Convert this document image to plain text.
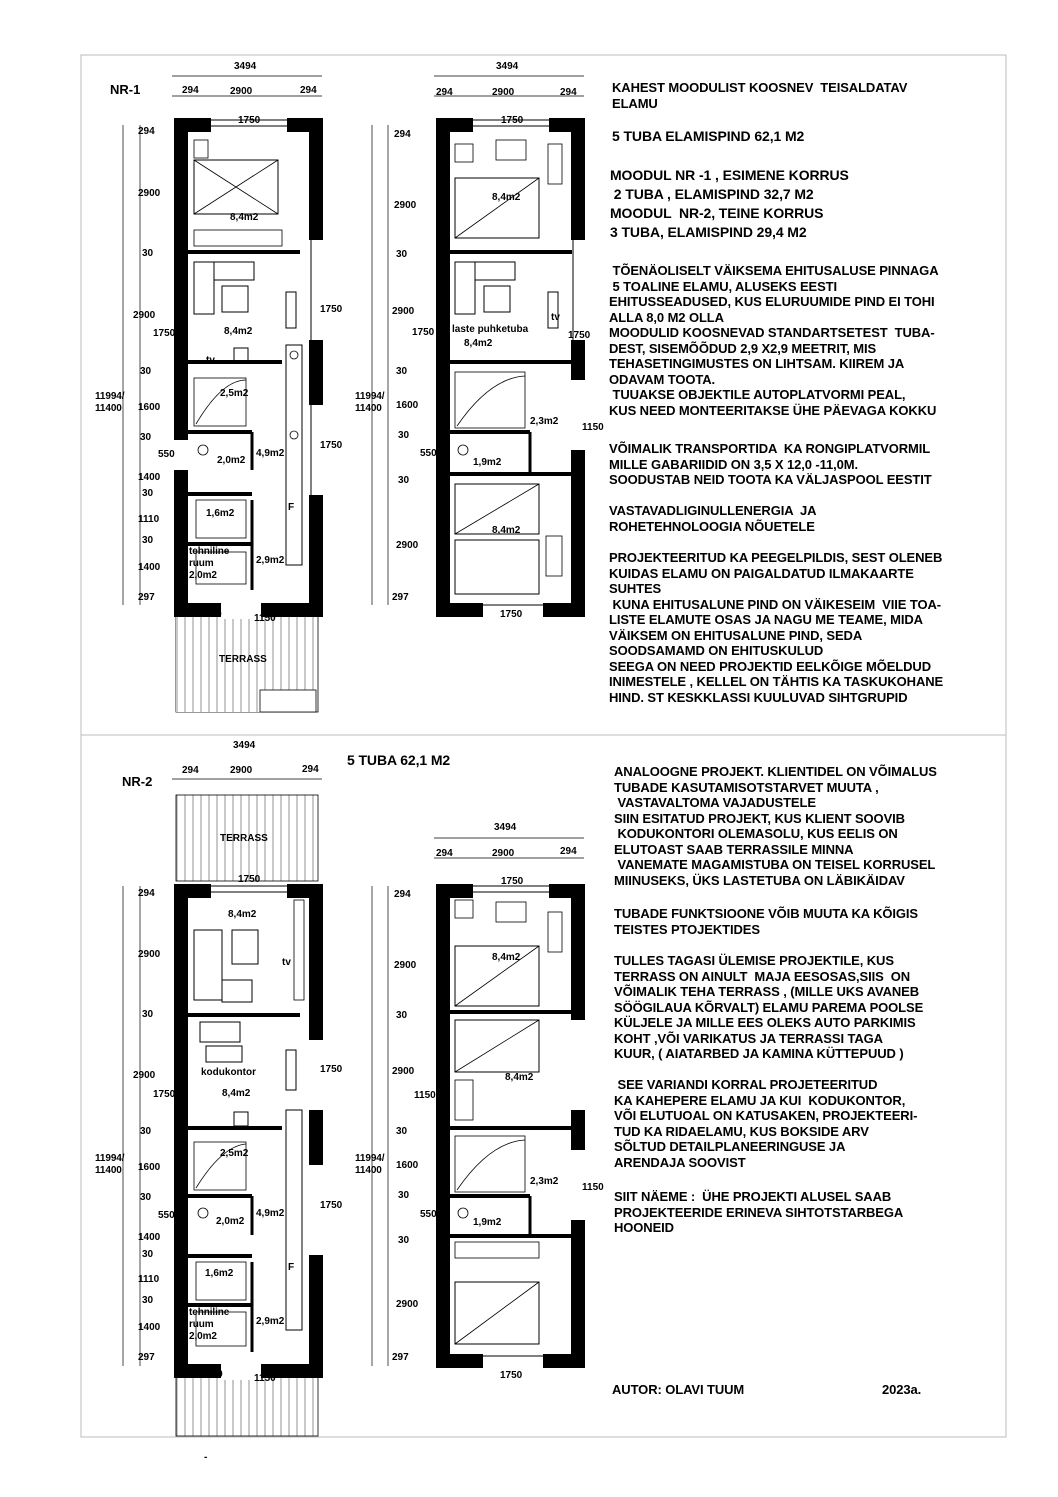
NR-1
3494
294	2900	294
3494
294	2900	294
1750	1750
294
2900
30
2900
1750
30
1600
30
550
1400
30
1110
30
1400
297
1750
1750
8,4m2
8,4m2
2,5m2
2,0m2
4,9m2
1,6m2
2,9m2
tv
F
550	1150
TERRASS
294
2900
30
2900
1750
30
1600
30
550
30
2900
297
1750
1150
8,4m2
laste puhketuba
8,4m2
2,3m2
1,9m2
8,4m2
tv
1750
NR-2
3494
294	2900	294
3494
294	2900	294
1750	1750
TERRASS
294
2900
30
2900
1750
30
1600
30
550
1400
30
1110
30
1400
297
1750
1750
8,4m2
kodukontor
8,4m2
2,5m2
2,0m2
4,9m2
1,6m2
2,9m2
tv
F
550	1150
294
2900
30
2900
1150
30
1600
30
550
30
2900
297
1150
8,4m2
8,4m2
2,3m2
1,9m2
1750
11994/
11400
11994/
11400
tehniline
ruum
2,0m2
11994/
11400
11994/
11400
tehniline
ruum
2,0m2
KAHEST MOODULIST KOOSNEV  TEISALDATAV
ELAMU
5 TUBA ELAMISPIND 62,1 M2
MOODUL NR -1 , ESIMENE KORRUS
2 TUBA , ELAMISPIND 32,7 M2
MOODUL  NR-2, TEINE KORRUS
3 TUBA, ELAMISPIND 29,4 M2
TÕENÄOLISELT VÄIKSEMA EHITUSALUSE PINNAGA
5 TOALINE ELAMU, ALUSEKS EESTI
EHITUSSEADUSED, KUS ELURUUMIDE PIND EI TOHI
ALLA 8,0 M2 OLLA
MOODULID KOOSNEVAD STANDARTSETEST  TUBA-
DEST, SISEMÕÕDUD 2,9 X2,9 MEETRIT, MIS
TEHASETINGIMUSTES ON LIHTSAM. KIIREM JA
ODAVAM TOOTA.
TUUAKSE OBJEKTILE AUTOPLATVORMI PEAL,
KUS NEED MONTEERITAKSE ÜHE PÄEVAGA KOKKU
VÕIMALIK TRANSPORTIDA  KA RONGIPLATVORMIL
MILLE GABARIIDID ON 3,5 X 12,0 -11,0M.
SOODUSTAB NEID TOOTA KA VÄLJASPOOL EESTIT
VASTAVADLIGINULLENERGIA  JA
ROHETEHNOLOOGIA NÕUETELE
PROJEKTEERITUD KA PEEGELPILDIS, SEST OLENEB
KUIDAS ELAMU ON PAIGALDATUD ILMAKAARTE
SUHTES
KUNA EHITUSALUNE PIND ON VÄIKESEIM  VIIE TOA-
LISTE ELAMUTE OSAS JA NAGU ME TEAME, MIDA
VÄIKSEM ON EHITUSALUNE PIND, SEDA
SOODSAMAMD ON EHITUSKULUD
SEEGA ON NEED PROJEKTID EELKÕIGE MÕELDUD
INIMESTELE , KELLEL ON TÄHTIS KA TASKUKOHANE
HIND. ST KESKKLASSI KUULUVAD SIHTGRUPID
5 TUBA 62,1 M2
ANALOOGNE PROJEKT. KLIENTIDEL ON VÕIMALUS
TUBADE KASUTAMISOTSTARVET MUUTA ,
VASTAVALTOMA VAJADUSTELE
SIIN ESITATUD PROJEKT, KUS KLIENT SOOVIB
KODUKONTORI OLEMASOLU, KUS EELIS ON
ELUTOAST SAAB TERRASSILE MINNA
VANEMATE MAGAMISTUBA ON TEISEL KORRUSEL
MIINUSEKS, ÜKS LASTETUBA ON LÄBIKÄIDAV
TUBADE FUNKTSIOONE VÕIB MUUTA KA KÕIGIS
TEISTES PTOJEKTIDES
TULLES TAGASI ÜLEMISE PROJEKTILE, KUS
TERRASS ON AINULT  MAJA EESOSAS,SIIS  ON
VÕIMALIK TEHA TERRASS , (MILLE UKS AVANEB
SÖÖGILAUA KÕRVALT) ELAMU PAREMA POOLSE
KÜLJELE JA MILLE EES OLEKS AUTO PARKIMIS
KOHT ,VÕI VARIKATUS JA TERRASSI TAGA
KUUR, ( AIATARBED JA KAMINA KÜTTEPUUD )
SEE VARIANDI KORRAL PROJETEERITUD
KA KAHEPERE ELAMU JA KUI  KODUKONTOR,
VÕI ELUTUOAL ON KATUSAKEN, PROJEKTEERI-
TUD KA RIDAELAMU, KUS BOKSIDE ARV
SÕLTUD DETAILPLANEERINGUSE JA
ARENDAJA SOOVIST
SIIT NÄEME :  ÜHE PROJEKTI ALUSEL SAAB
PROJEKTEERIDE ERINEVA SIHTOTSTARBEGA
HOONEID
AUTOR: OLAVI TUUM	2023a.
-
